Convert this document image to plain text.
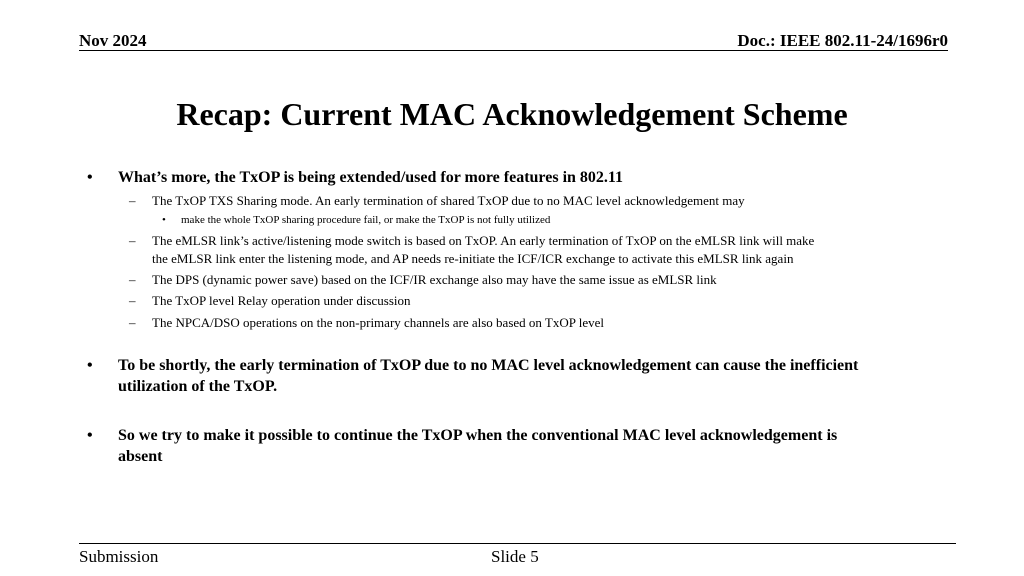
Nov 2024	Doc.: IEEE 802.11-24/1696r0
Recap: Current MAC Acknowledgement Scheme
• What’s more, the TxOP is being extended/used for more features in 802.11
– The TxOP TXS Sharing mode. An early termination of shared TxOP due to no MAC level acknowledgement may
• make the whole TxOP sharing procedure fail, or make the TxOP is not fully utilized
– The eMLSR link’s active/listening mode switch is based on TxOP. An early termination of TxOP on the eMLSR link will make
the eMLSR link enter the listening mode, and AP needs re-initiate the ICF/ICR exchange to activate this eMLSR link again
– The DPS (dynamic power save) based on the ICF/IR exchange also may have the same issue as eMLSR link
– The TxOP level Relay operation under discussion
– The NPCA/DSO operations on the non-primary channels are also based on TxOP level
• To be shortly, the early termination of TxOP due to no MAC level acknowledgement can cause the inefficient
utilization of the TxOP.
• So we try to make it possible to continue the TxOP when the conventional MAC level acknowledgement is
absent
Submission	Slide 5
